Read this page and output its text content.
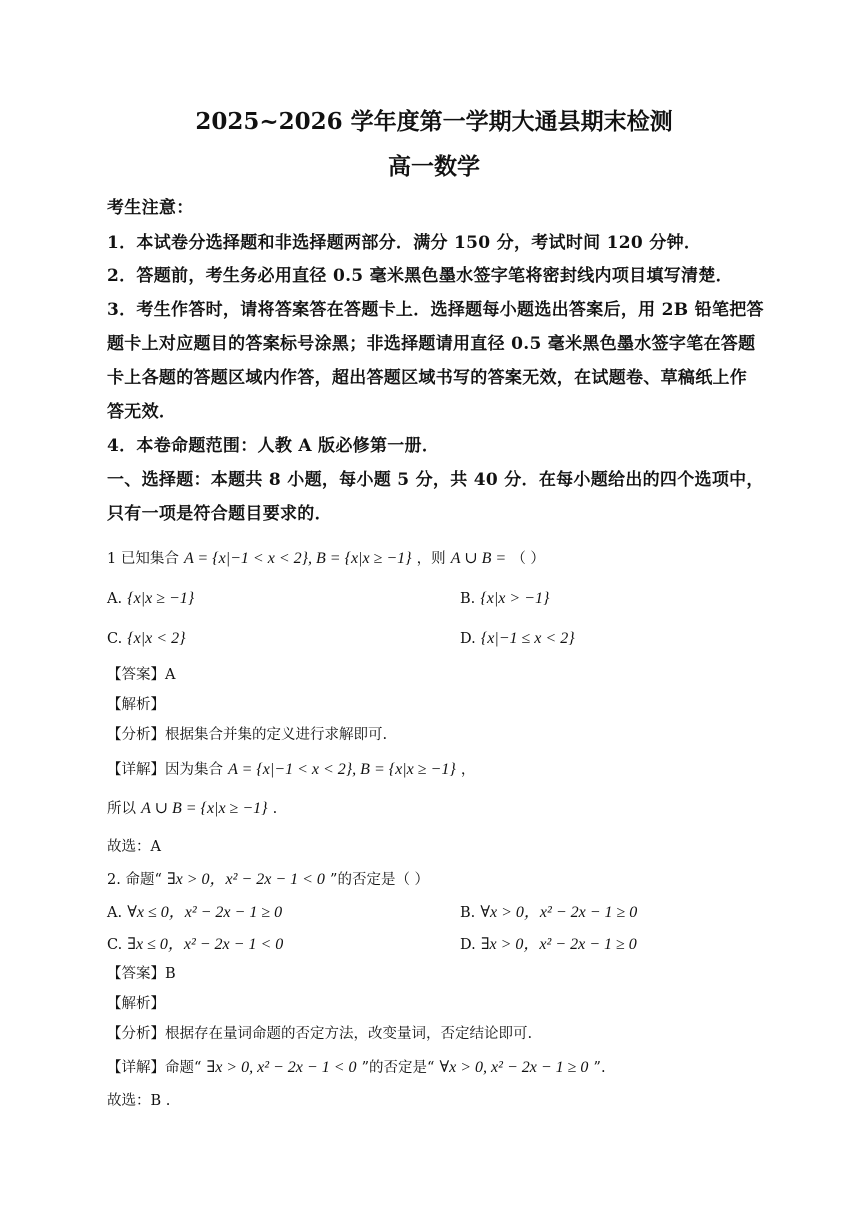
2025~2026 学年度第一学期大通县期末检测
高一数学
考生注意：
1．本试卷分选择题和非选择题两部分．满分 150 分，考试时间 120 分钟．
2．答题前，考生务必用直径 0.5 毫米黑色墨水签字笔将密封线内项目填写清楚．
3．考生作答时，请将答案答在答题卡上．选择题每小题选出答案后，用 2B 铅笔把答
题卡上对应题目的答案标号涂黑；非选择题请用直径 0.5 毫米黑色墨水签字笔在答题
卡上各题的答题区域内作答，超出答题区域书写的答案无效，在试题卷、草稿纸上作
答无效．
4．本卷命题范围：人教 A 版必修第一册．
一、选择题：本题共 8 小题，每小题 5 分，共 40 分．在每小题给出的四个选项中，
只有一项是符合题目要求的．
1 已知集合 A = {x|−1 < x < 2}, B = {x|x ≥ −1} ，则 A ∪ B = （ ）
A. {x|x ≥ −1}	B. {x|x > −1}
C. {x|x < 2}	D. {x|−1 ≤ x < 2}
【答案】A
【解析】
【分析】根据集合并集的定义进行求解即可.
【详解】因为集合 A = {x|−1 < x < 2}, B = {x|x ≥ −1} ，
所以 A ∪ B = {x|x ≥ −1} .
故选：A
2. 命题“ ∃x > 0，x² − 2x − 1 < 0 ”的否定是（ ）
A. ∀x ≤ 0，x² − 2x − 1 ≥ 0	B. ∀x > 0，x² − 2x − 1 ≥ 0
C. ∃x ≤ 0，x² − 2x − 1 < 0	D. ∃x > 0，x² − 2x − 1 ≥ 0
【答案】B
【解析】
【分析】根据存在量词命题的否定方法，改变量词，否定结论即可.
【详解】命题“ ∃x > 0, x² − 2x − 1 < 0 ”的否定是“ ∀x > 0, x² − 2x − 1 ≥ 0 ”.
故选：B .
